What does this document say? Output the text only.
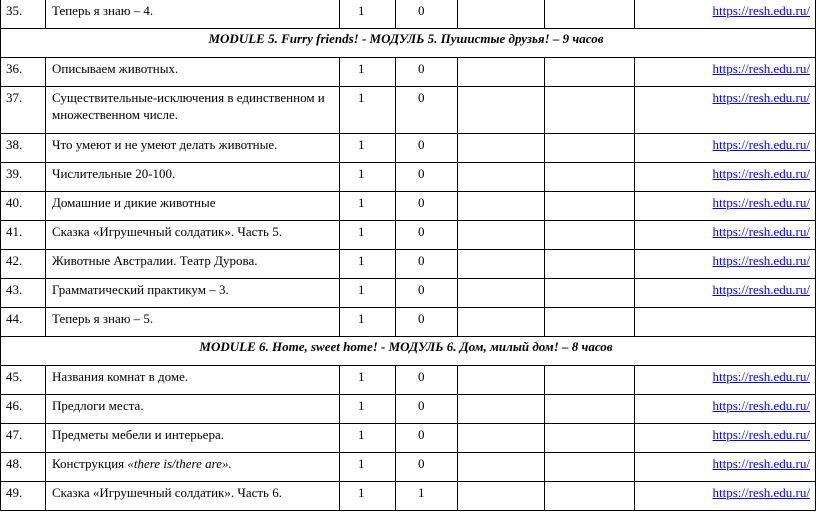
35.	Теперь я знаю – 4.	1	0			https://resh.edu.ru/
MODULE 5. Furry friends! - МОДУЛЬ 5. Пушистые друзья! – 9 часов						
36.	Описываем животных.	1	0			https://resh.edu.ru/
37.	Существительные-исключения в единственном и множественном числе.	1	0			https://resh.edu.ru/
38.	Что умеют и не умеют делать животные.	1	0			https://resh.edu.ru/
39.	Числительные 20-100.	1	0			https://resh.edu.ru/
40.	Домашние и дикие животные	1	0			https://resh.edu.ru/
41.	Сказка «Игрушечный солдатик». Часть 5.	1	0			https://resh.edu.ru/
42.	Животные Австралии. Театр Дурова.	1	0			https://resh.edu.ru/
43.	Грамматический практикум – 3.	1	0			https://resh.edu.ru/
44.	Теперь я знаю – 5.	1	0			
MODULE 6. Home, sweet home! - МОДУЛЬ 6. Дом, милый дом! – 8 часов						
45.	Названия комнат в доме.	1	0			https://resh.edu.ru/
46.	Предлоги места.	1	0			https://resh.edu.ru/
47.	Предметы мебели и интерьера.	1	0			https://resh.edu.ru/
48.	Конструкция «there is/there are».	1	0			https://resh.edu.ru/
49.	Сказка «Игрушечный солдатик». Часть 6.	1	1			https://resh.edu.ru/
